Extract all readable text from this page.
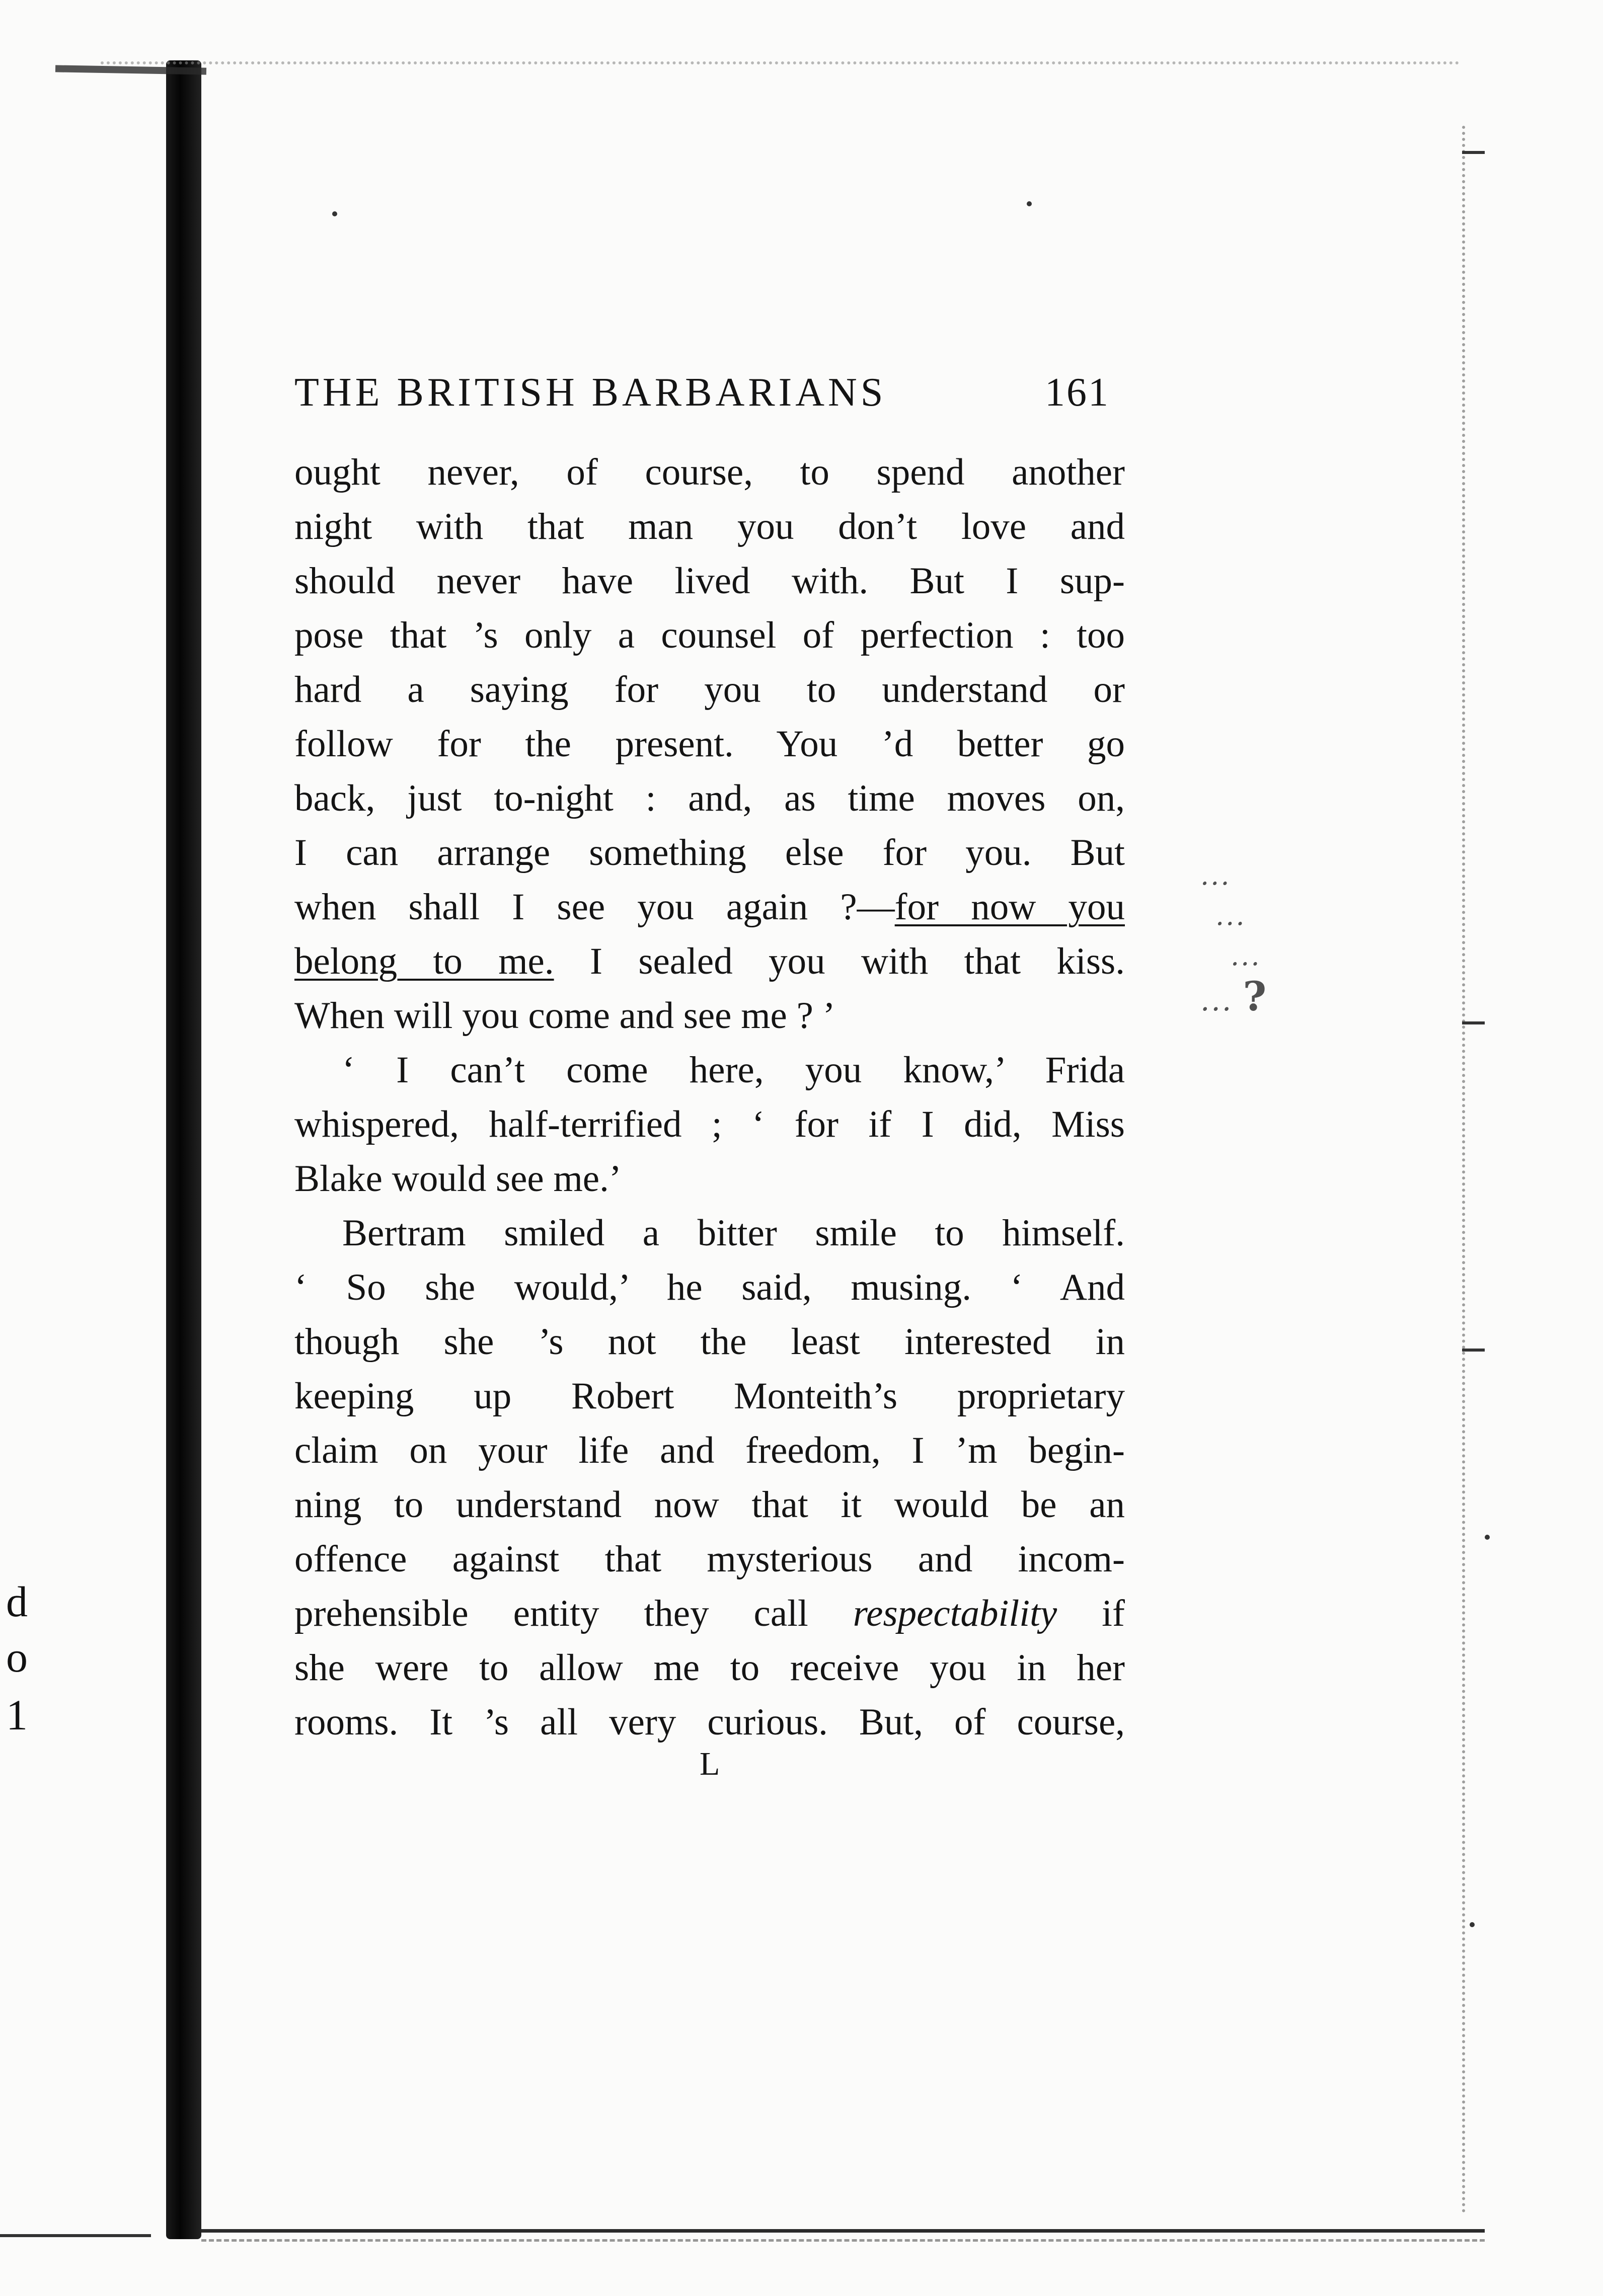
d
o
1
THE BRITISH BARBARIANS	161
ought never, of course, to spend another
night with that man you don’t love and
should never have lived with. But I sup-
pose that ’s only a counsel of perfection : too
hard a saying for you to understand or
follow for the present. You ’d better go
back, just to-night : and, as time moves on,
I can arrange something else for you. But
when shall I see you again ?—for now you
belong to me. I sealed you with that kiss.
When will you come and see me ? ’
‘ I can’t come here, you know,’ Frida
whispered, half-terrified ; ‘ for if I did, Miss
Blake would see me.’
Bertram smiled a bitter smile to himself.
‘ So she would,’ he said, musing. ‘ And
though she ’s not the least interested in
keeping up Robert Monteith’s proprietary
claim on your life and freedom, I ’m begin-
ning to understand now that it would be an
offence against that mysterious and incom-
prehensible entity they call respectability if
she were to allow me to receive you in her
rooms. It ’s all very curious. But, of course,
L
...
...
...
... ?
